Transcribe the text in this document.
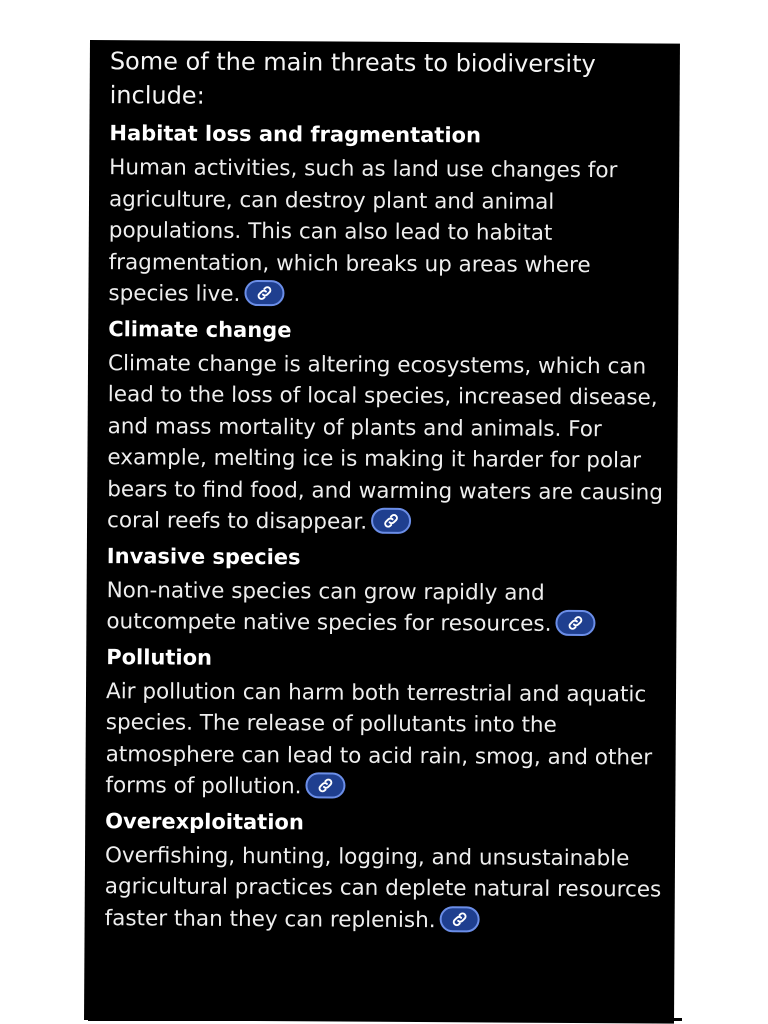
Some of the main threats to biodiversity include:

Habitat loss and fragmentation

Human activities, such as land use changes for agriculture, can destroy plant and animal populations. This can also lead to habitat fragmentation, which breaks up areas where species live.

Climate change

Climate change is altering ecosystems, which can lead to the loss of local species, increased disease, and mass mortality of plants and animals. For example, melting ice is making it harder for polar bears to find food, and warming waters are causing coral reefs to disappear.

Invasive species

Non-native species can grow rapidly and outcompete native species for resources.

Pollution

Air pollution can harm both terrestrial and aquatic species. The release of pollutants into the atmosphere can lead to acid rain, smog, and other forms of pollution.

Overexploitation

Overfishing, hunting, logging, and unsustainable agricultural practices can deplete natural resources faster than they can replenish.
